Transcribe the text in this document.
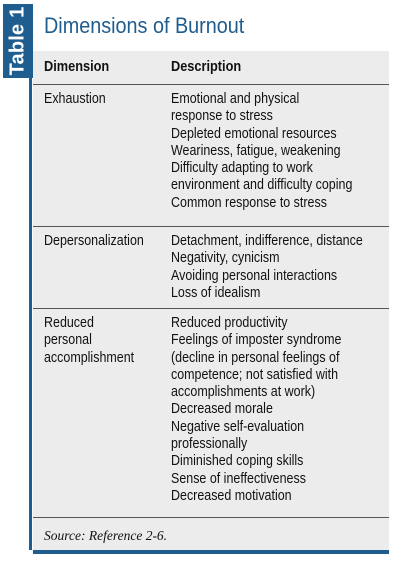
Table 1 Dimensions of Burnout
Dimension	Description
Exhaustion	Emotional and physical
response to stress
Depleted emotional resources
Weariness, fatigue, weakening
Difficulty adapting to work
environment and difficulty coping
Common response to stress
Depersonalization Detachment, indifference, distance
Negativity, cynicism
Avoiding personal interactions
Loss of idealism
Reduced
personal
accomplishment
Reduced productivity
Feelings of imposter syndrome
(decline in personal feelings of
competence; not satisfied with
accomplishments at work)
Decreased morale
Negative self-evaluation
professionally
Diminished coping skills
Sense of ineffectiveness
Decreased motivation
Source: Reference 2-6.
